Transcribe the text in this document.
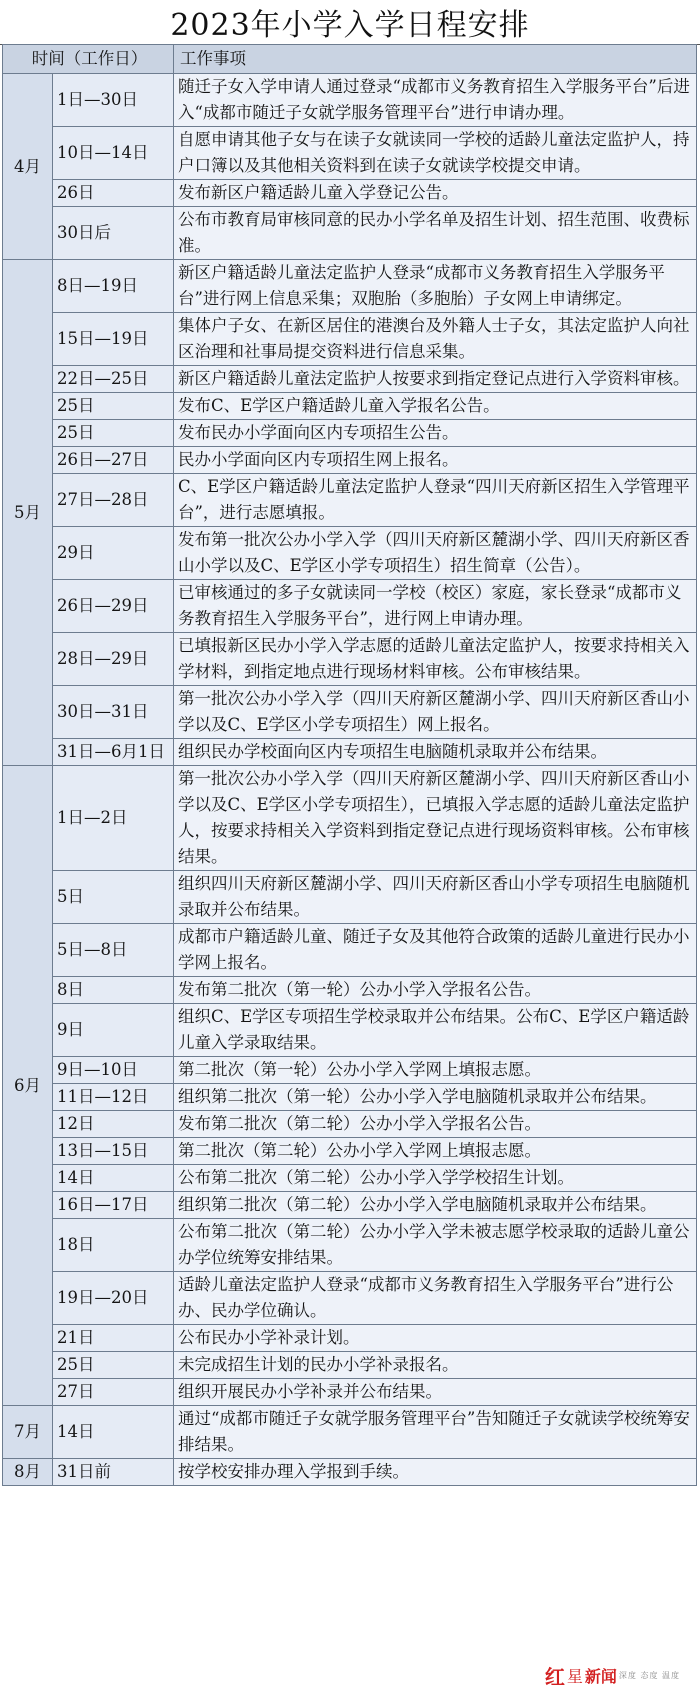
2023年小学入学日程安排
时间（工作日）		工作事项
4月	1日—30日	随迁子女入学申请人通过登录“成都市义务教育招生入学服务平台”后进入“成都市随迁子女就学服务管理平台”进行申请办理。
	10日—14日	自愿申请其他子女与在读子女就读同一学校的适龄儿童法定监护人，持户口簿以及其他相关资料到在读子女就读学校提交申请。
	26日	发布新区户籍适龄儿童入学登记公告。
	30日后	公布市教育局审核同意的民办小学名单及招生计划、招生范围、收费标准。
5月	8日—19日	新区户籍适龄儿童法定监护人登录“成都市义务教育招生入学服务平台”进行网上信息采集；双胞胎（多胞胎）子女网上申请绑定。
	15日—19日	集体户子女、在新区居住的港澳台及外籍人士子女，其法定监护人向社区治理和社事局提交资料进行信息采集。
	22日—25日	新区户籍适龄儿童法定监护人按要求到指定登记点进行入学资料审核。
	25日	发布C、E学区户籍适龄儿童入学报名公告。
	25日	发布民办小学面向区内专项招生公告。
	26日—27日	民办小学面向区内专项招生网上报名。
	27日—28日	C、E学区户籍适龄儿童法定监护人登录“四川天府新区招生入学管理平台”，进行志愿填报。
	29日	发布第一批次公办小学入学（四川天府新区麓湖小学、四川天府新区香山小学以及C、E学区小学专项招生）招生简章（公告）。
	26日—29日	已审核通过的多子女就读同一学校（校区）家庭，家长登录“成都市义务教育招生入学服务平台”，进行网上申请办理。
	28日—29日	已填报新区民办小学入学志愿的适龄儿童法定监护人，按要求持相关入学材料，到指定地点进行现场材料审核。公布审核结果。
	30日—31日	第一批次公办小学入学（四川天府新区麓湖小学、四川天府新区香山小学以及C、E学区小学专项招生）网上报名。
	31日—6月1日	组织民办学校面向区内专项招生电脑随机录取并公布结果。
6月	1日—2日	第一批次公办小学入学（四川天府新区麓湖小学、四川天府新区香山小学以及C、E学区小学专项招生），已填报入学志愿的适龄儿童法定监护人，按要求持相关入学资料到指定登记点进行现场资料审核。公布审核结果。
	5日	组织四川天府新区麓湖小学、四川天府新区香山小学专项招生电脑随机录取并公布结果。
	5日—8日	成都市户籍适龄儿童、随迁子女及其他符合政策的适龄儿童进行民办小学网上报名。
	8日	发布第二批次（第一轮）公办小学入学报名公告。
	9日	组织C、E学区专项招生学校录取并公布结果。公布C、E学区户籍适龄儿童入学录取结果。
	9日—10日	第二批次（第一轮）公办小学入学网上填报志愿。
	11日—12日	组织第二批次（第一轮）公办小学入学电脑随机录取并公布结果。
	12日	发布第二批次（第二轮）公办小学入学报名公告。
	13日—15日	第二批次（第二轮）公办小学入学网上填报志愿。
	14日	公布第二批次（第二轮）公办小学入学学校招生计划。
	16日—17日	组织第二批次（第二轮）公办小学入学电脑随机录取并公布结果。
	18日	公布第二批次（第二轮）公办小学入学未被志愿学校录取的适龄儿童公办学位统筹安排结果。
	19日—20日	适龄儿童法定监护人登录“成都市义务教育招生入学服务平台”进行公办、民办学位确认。
	21日	公布民办小学补录计划。
	25日	未完成招生计划的民办小学补录报名。
	27日	组织开展民办小学补录并公布结果。
7月	14日	通过“成都市随迁子女就学服务管理平台”告知随迁子女就读学校统筹安排结果。
8月	31日前	按学校安排办理入学报到手续。
红 星 新闻 深度 态度 温度
